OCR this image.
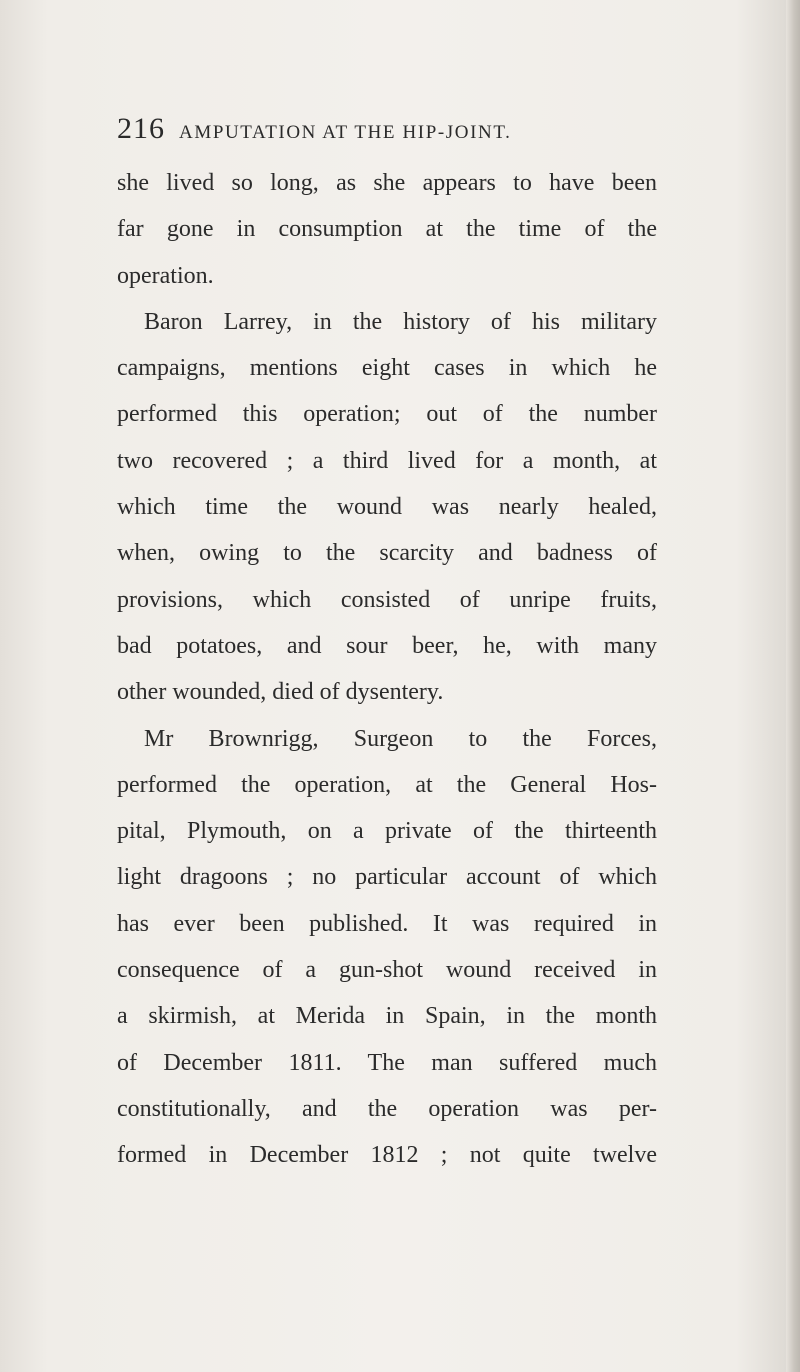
216 AMPUTATION AT THE HIP-JOINT.
she lived so long, as she appears to have been
far gone in consumption at the time of the
operation.
Baron Larrey, in the history of his military
campaigns, mentions eight cases in which he
performed this operation; out of the number
two recovered ; a third lived for a month, at
which time the wound was nearly healed,
when, owing to the scarcity and badness of
provisions, which consisted of unripe fruits,
bad potatoes, and sour beer, he, with many
other wounded, died of dysentery.
Mr Brownrigg, Surgeon to the Forces,
performed the operation, at the General Hos-
pital, Plymouth, on a private of the thirteenth
light dragoons ; no particular account of which
has ever been published. It was required in
consequence of a gun-shot wound received in
a skirmish, at Merida in Spain, in the month
of December 1811. The man suffered much
constitutionally, and the operation was per-
formed in December 1812 ; not quite twelve
